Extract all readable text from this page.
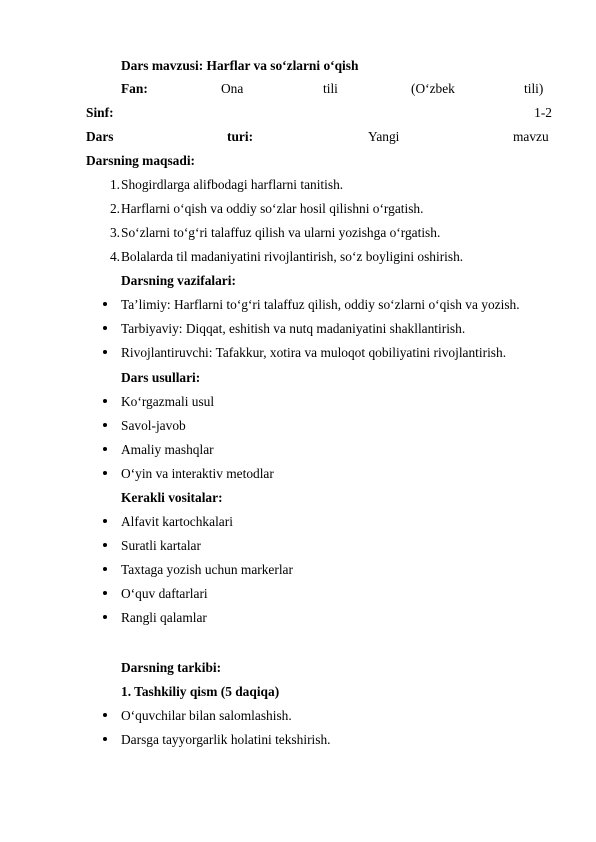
Dars mavzusi: Harflar va so‘zlarni o‘qish
Fan:	Ona	tili	(O‘zbek	tili)
Sinf:	1-2
Dars	turi:	Yangi	mavzu
Darsning maqsadi:
1. Shogirdlarga alifbodagi harflarni tanitish.
2. Harflarni o‘qish va oddiy so‘zlar hosil qilishni o‘rgatish.
3. So‘zlarni to‘g‘ri talaffuz qilish va ularni yozishga o‘rgatish.
4. Bolalarda til madaniyatini rivojlantirish, so‘z boyligini oshirish.
Darsning vazifalari:
Ta’limiy: Harflarni to‘g‘ri talaffuz qilish, oddiy so‘zlarni o‘qish va yozish.
Tarbiyaviy: Diqqat, eshitish va nutq madaniyatini shakllantirish.
Rivojlantiruvchi: Tafakkur, xotira va muloqot qobiliyatini rivojlantirish.
Dars usullari:
Ko‘rgazmali usul
Savol-javob
Amaliy mashqlar
O‘yin va interaktiv metodlar
Kerakli vositalar:
Alfavit kartochkalari
Suratli kartalar
Taxtaga yozish uchun markerlar
O‘quv daftarlari
Rangli qalamlar
Darsning tarkibi:
1. Tashkiliy qism (5 daqiqa)
O‘quvchilar bilan salomlashish.
Darsga tayyorgarlik holatini tekshirish.
